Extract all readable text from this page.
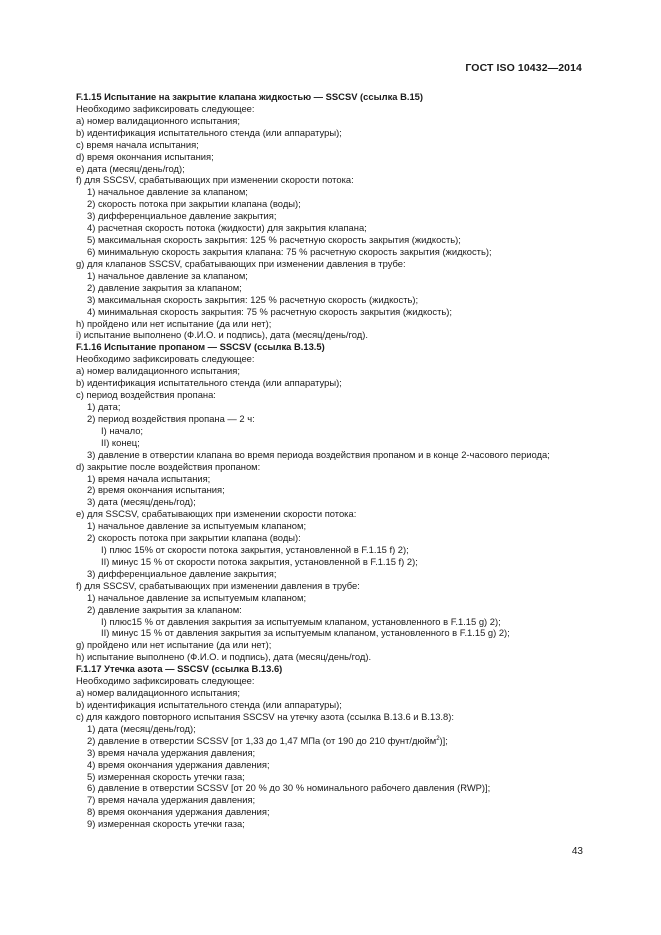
ГОСТ ISO 10432—2014
F.1.15 Испытание на закрытие клапана жидкостью — SSCSV (ссылка В.15)
Необходимо зафиксировать следующее:
а) номер валидационного испытания;
b) идентификация испытательного стенда (или аппаратуры);
c) время начала испытания;
d) время окончания испытания;
e) дата (месяц/день/год);
f) для SSCSV, срабатывающих при изменении скорости потока:
1) начальное давление за клапаном;
2) скорость потока при закрытии клапана (воды);
3) дифференциальное давление закрытия;
4) расчетная скорость потока (жидкости) для закрытия клапана;
5) максимальная скорость закрытия: 125 % расчетную скорость закрытия (жидкость);
6) минимальную скорость закрытия клапана: 75 % расчетную скорость закрытия (жидкость);
g) для клапанов SSCSV, срабатывающих при изменении давления в трубе:
1) начальное давление за клапаном;
2) давление закрытия за клапаном;
3) максимальная скорость закрытия: 125 % расчетную скорость (жидкость);
4) минимальная скорость закрытия: 75 % расчетную скорость закрытия (жидкость);
h) пройдено или нет испытание (да или нет);
i) испытание выполнено (Ф.И.О. и подпись), дата (месяц/день/год).
F.1.16 Испытание пропаном — SSCSV (ссылка В.13.5)
Необходимо зафиксировать следующее:
а) номер валидационного испытания;
b) идентификация испытательного стенда (или аппаратуры);
c) период воздействия пропана:
1) дата;
2) период воздействия пропана — 2 ч:
I) начало;
II) конец;
3) давление в отверстии клапана во время периода воздействия пропаном и в конце 2-часового периода;
d) закрытие после воздействия пропаном:
1) время начала испытания;
2) время окончания испытания;
3) дата (месяц/день/год);
e) для SSCSV, срабатывающих при изменении скорости потока:
1) начальное давление за испытуемым клапаном;
2) скорость потока при закрытии клапана (воды):
I) плюс 15% от скорости потока закрытия, установленной в F.1.15 f) 2);
II) минус 15 % от скорости потока закрытия, установленной в F.1.15 f) 2);
3) дифференциальное давление закрытия;
f) для SSCSV, срабатывающих при изменении давления в трубе:
1) начальное давление за испытуемым клапаном;
2) давление закрытия за клапаном:
I) плюс15 % от давления закрытия за испытуемым клапаном, установленного в F.1.15 g) 2);
II) минус 15 % от давления закрытия за испытуемым клапаном, установленного в F.1.15 g) 2);
g) пройдено или нет испытание (да или нет);
h) испытание выполнено (Ф.И.О. и подпись), дата (месяц/день/год).
F.1.17 Утечка азота — SSCSV (ссылка В.13.6)
Необходимо зафиксировать следующее:
а) номер валидационного испытания;
b) идентификация испытательного стенда (или аппаратуры);
c) для каждого повторного испытания SSCSV на утечку азота (ссылка В.13.6 и В.13.8):
1) дата (месяц/день/год);
2) давление в отверстии SCSSV [от 1,33 до 1,47 МПа (от 190 до 210 фунт/дюйм$^2$)];
3) время начала удержания давления;
4) время окончания удержания давления;
5) измеренная скорость утечки газа;
6) давление в отверстии SCSSV [от 20 % до 30 % номинального рабочего давления (RWP)];
7) время начала удержания давления;
8) время окончания удержания давления;
9) измеренная скорость утечки газа;
43
